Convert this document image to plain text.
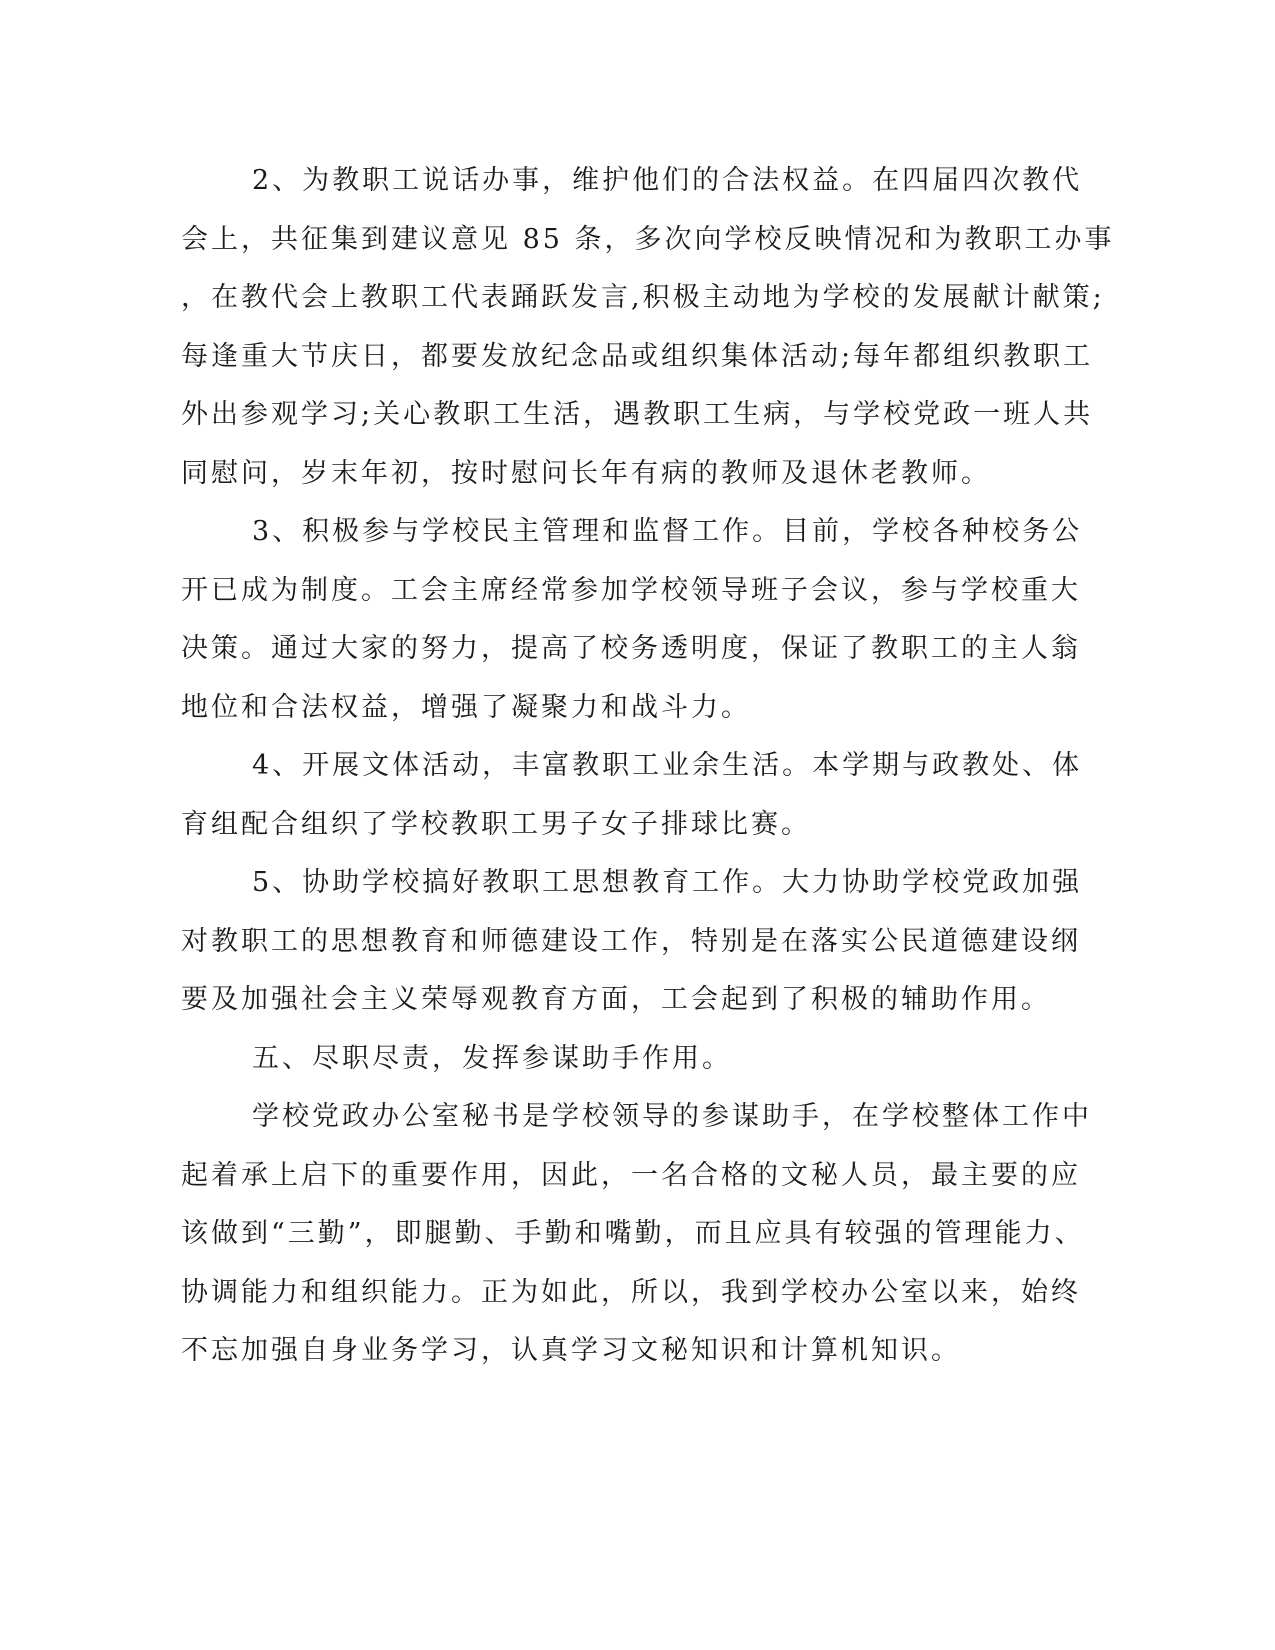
2、为教职工说话办事，维护他们的合法权益。在四届四次教代
会上，共征集到建议意见 85 条，多次向学校反映情况和为教职工办事
，在教代会上教职工代表踊跃发言,积极主动地为学校的发展献计献策;
每逢重大节庆日，都要发放纪念品或组织集体活动;每年都组织教职工
外出参观学习;关心教职工生活，遇教职工生病，与学校党政一班人共
同慰问，岁末年初，按时慰问长年有病的教师及退休老教师。
3、积极参与学校民主管理和监督工作。目前，学校各种校务公
开已成为制度。工会主席经常参加学校领导班子会议，参与学校重大
决策。通过大家的努力，提高了校务透明度，保证了教职工的主人翁
地位和合法权益，增强了凝聚力和战斗力。
4、开展文体活动，丰富教职工业余生活。本学期与政教处、体
育组配合组织了学校教职工男子女子排球比赛。
5、协助学校搞好教职工思想教育工作。大力协助学校党政加强
对教职工的思想教育和师德建设工作，特别是在落实公民道德建设纲
要及加强社会主义荣辱观教育方面，工会起到了积极的辅助作用。
五、尽职尽责，发挥参谋助手作用。
学校党政办公室秘书是学校领导的参谋助手，在学校整体工作中
起着承上启下的重要作用，因此，一名合格的文秘人员，最主要的应
该做到“三勤”，即腿勤、手勤和嘴勤，而且应具有较强的管理能力、
协调能力和组织能力。正为如此，所以，我到学校办公室以来，始终
不忘加强自身业务学习，认真学习文秘知识和计算机知识。
